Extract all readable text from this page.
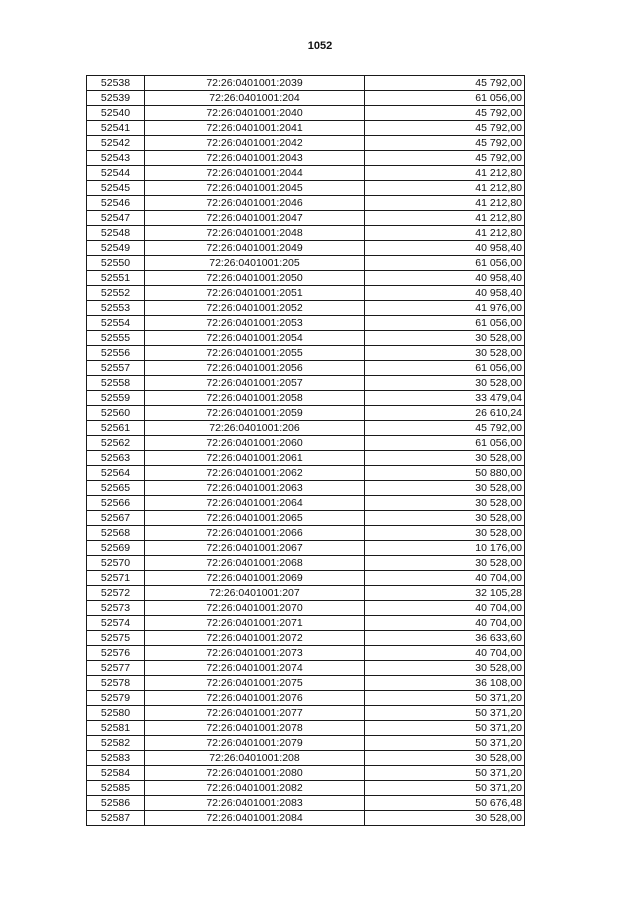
1052
52538	72:26:0401001:2039	45 792,00
52539	72:26:0401001:204	61 056,00
52540	72:26:0401001:2040	45 792,00
52541	72:26:0401001:2041	45 792,00
52542	72:26:0401001:2042	45 792,00
52543	72:26:0401001:2043	45 792,00
52544	72:26:0401001:2044	41 212,80
52545	72:26:0401001:2045	41 212,80
52546	72:26:0401001:2046	41 212,80
52547	72:26:0401001:2047	41 212,80
52548	72:26:0401001:2048	41 212,80
52549	72:26:0401001:2049	40 958,40
52550	72:26:0401001:205	61 056,00
52551	72:26:0401001:2050	40 958,40
52552	72:26:0401001:2051	40 958,40
52553	72:26:0401001:2052	41 976,00
52554	72:26:0401001:2053	61 056,00
52555	72:26:0401001:2054	30 528,00
52556	72:26:0401001:2055	30 528,00
52557	72:26:0401001:2056	61 056,00
52558	72:26:0401001:2057	30 528,00
52559	72:26:0401001:2058	33 479,04
52560	72:26:0401001:2059	26 610,24
52561	72:26:0401001:206	45 792,00
52562	72:26:0401001:2060	61 056,00
52563	72:26:0401001:2061	30 528,00
52564	72:26:0401001:2062	50 880,00
52565	72:26:0401001:2063	30 528,00
52566	72:26:0401001:2064	30 528,00
52567	72:26:0401001:2065	30 528,00
52568	72:26:0401001:2066	30 528,00
52569	72:26:0401001:2067	10 176,00
52570	72:26:0401001:2068	30 528,00
52571	72:26:0401001:2069	40 704,00
52572	72:26:0401001:207	32 105,28
52573	72:26:0401001:2070	40 704,00
52574	72:26:0401001:2071	40 704,00
52575	72:26:0401001:2072	36 633,60
52576	72:26:0401001:2073	40 704,00
52577	72:26:0401001:2074	30 528,00
52578	72:26:0401001:2075	36 108,00
52579	72:26:0401001:2076	50 371,20
52580	72:26:0401001:2077	50 371,20
52581	72:26:0401001:2078	50 371,20
52582	72:26:0401001:2079	50 371,20
52583	72:26:0401001:208	30 528,00
52584	72:26:0401001:2080	50 371,20
52585	72:26:0401001:2082	50 371,20
52586	72:26:0401001:2083	50 676,48
52587	72:26:0401001:2084	30 528,00
